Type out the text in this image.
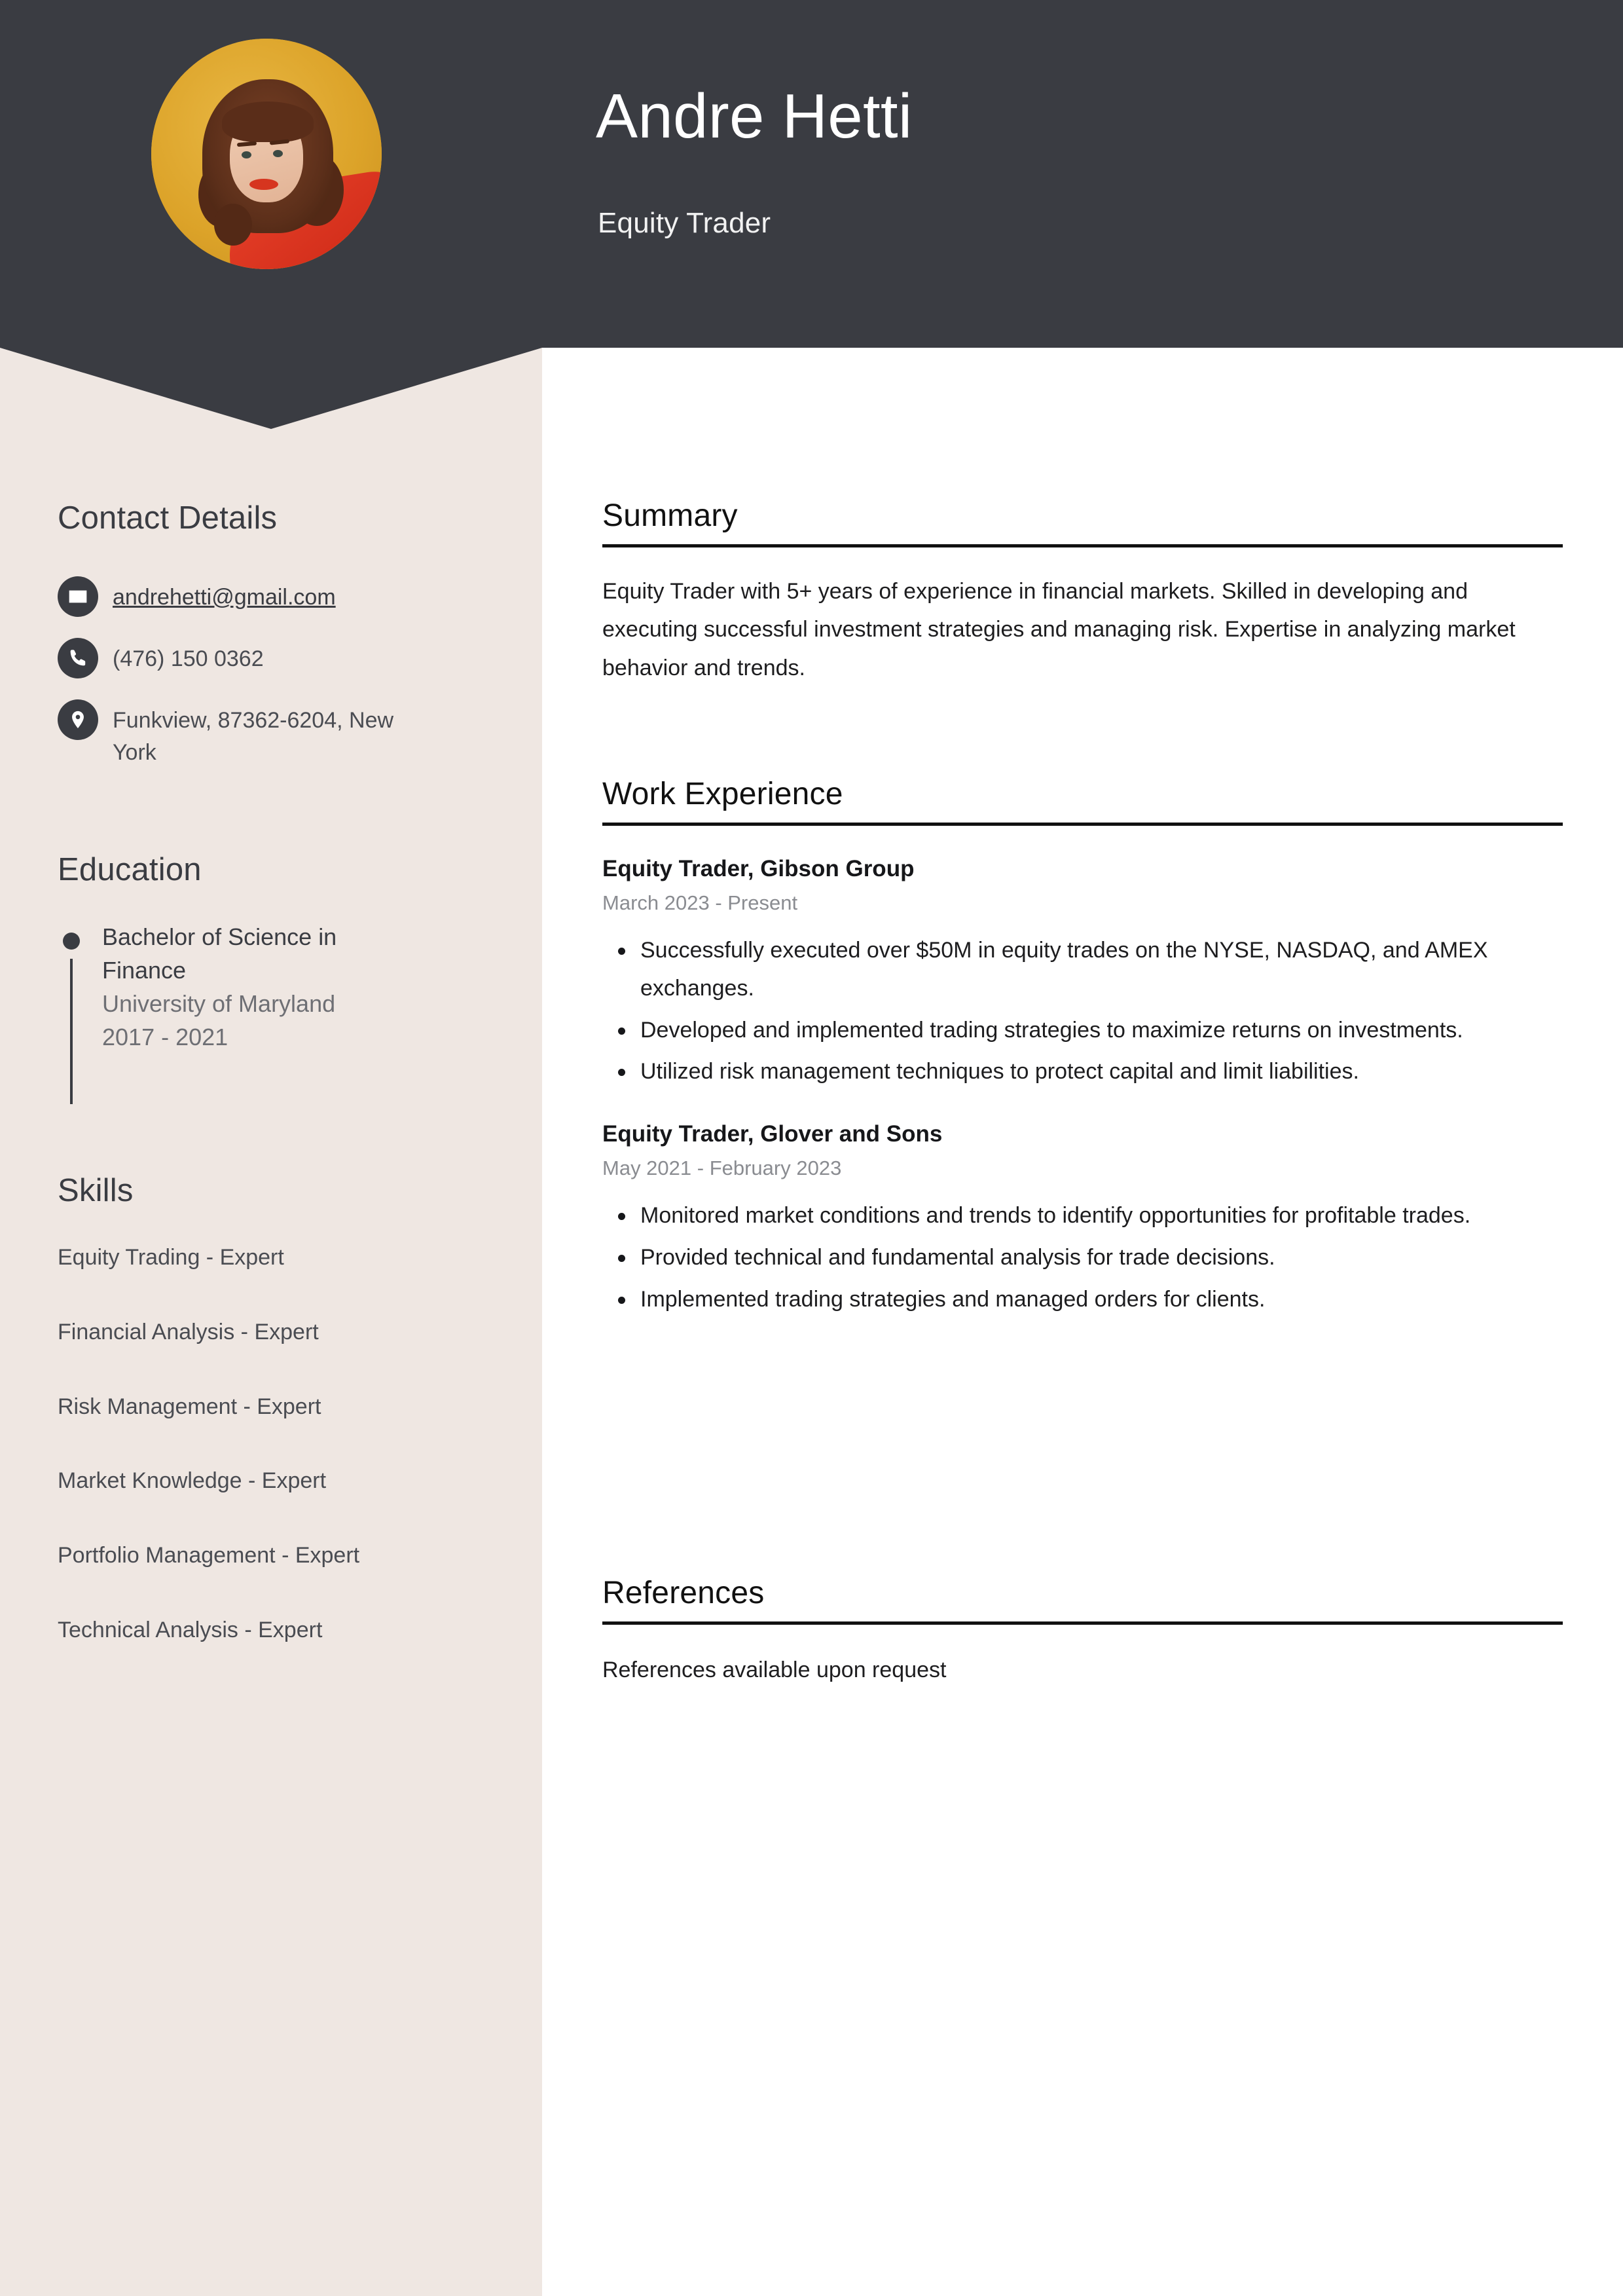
Andre Hetti
Equity Trader
Contact Details
andrehetti@gmail.com
(476) 150 0362
Funkview, 87362-6204, New York
Education
Bachelor of Science in Finance
University of Maryland
2017 - 2021
Skills
Equity Trading - Expert
Financial Analysis - Expert
Risk Management - Expert
Market Knowledge - Expert
Portfolio Management - Expert
Technical Analysis - Expert
Summary
Equity Trader with 5+ years of experience in financial markets. Skilled in developing and executing successful investment strategies and managing risk. Expertise in analyzing market behavior and trends.
Work Experience
Equity Trader, Gibson Group
March 2023 - Present
Successfully executed over $50M in equity trades on the NYSE, NASDAQ, and AMEX exchanges.
Developed and implemented trading strategies to maximize returns on investments.
Utilized risk management techniques to protect capital and limit liabilities.
Equity Trader, Glover and Sons
May 2021 - February 2023
Monitored market conditions and trends to identify opportunities for profitable trades.
Provided technical and fundamental analysis for trade decisions.
Implemented trading strategies and managed orders for clients.
References
References available upon request
